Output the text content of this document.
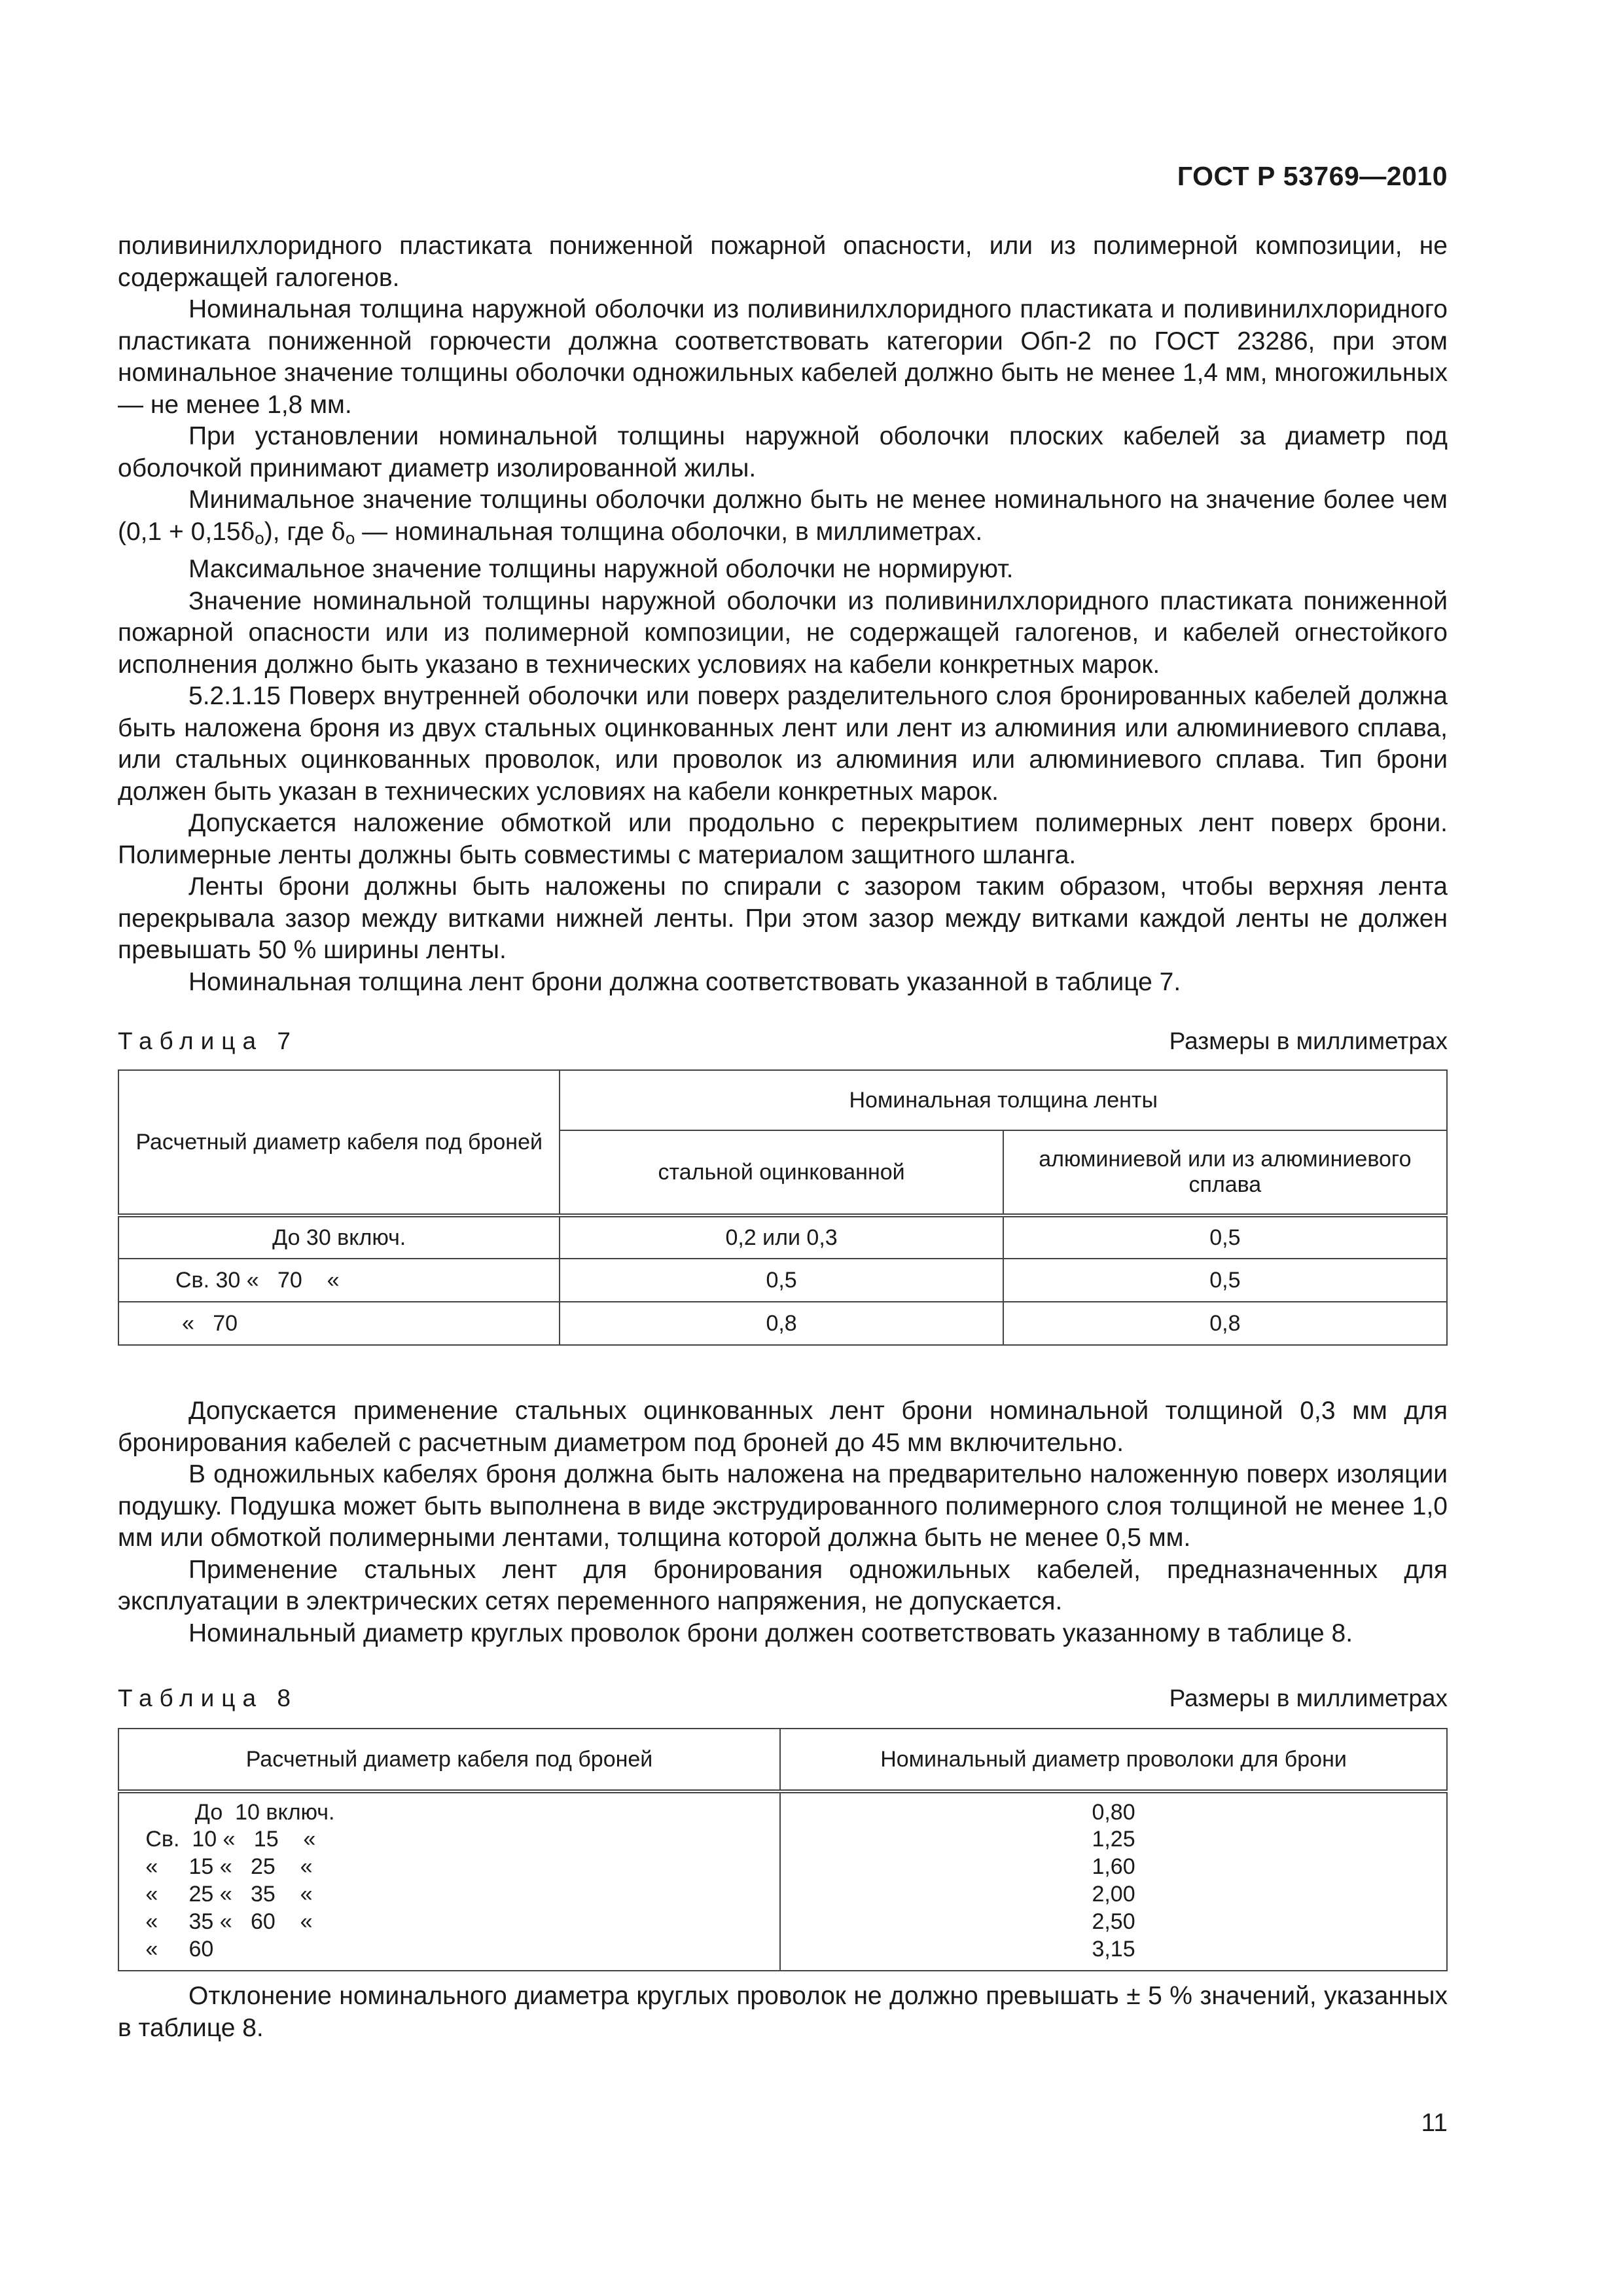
ГОСТ Р 53769—2010

поливинилхлоридного пластиката пониженной пожарной опасности, или из полимерной композиции, не содержащей галогенов.

Номинальная толщина наружной оболочки из поливинилхлоридного пластиката и поливинилхлоридного пластиката пониженной горючести должна соответствовать категории Обп-2 по ГОСТ 23286, при этом номинальное значение толщины оболочки одножильных кабелей должно быть не менее 1,4 мм, многожильных — не менее 1,8 мм.

При установлении номинальной толщины наружной оболочки плоских кабелей за диаметр под оболочкой принимают диаметр изолированной жилы.

Минимальное значение толщины оболочки должно быть не менее номинального на значение более чем $(0,1 + 0,15\delta_o)$, где $\delta_o$ — номинальная толщина оболочки, в миллиметрах.

Максимальное значение толщины наружной оболочки не нормируют.

Значение номинальной толщины наружной оболочки из поливинилхлоридного пластиката пониженной пожарной опасности или из полимерной композиции, не содержащей галогенов, и кабелей огнестойкого исполнения должно быть указано в технических условиях на кабели конкретных марок.

5.2.1.15 Поверх внутренней оболочки или поверх разделительного слоя бронированных кабелей должна быть наложена броня из двух стальных оцинкованных лент или лент из алюминия или алюминиевого сплава, или стальных оцинкованных проволок, или проволок из алюминия или алюминиевого сплава. Тип брони должен быть указан в технических условиях на кабели конкретных марок.

Допускается наложение обмоткой или продольно с перекрытием полимерных лент поверх брони. Полимерные ленты должны быть совместимы с материалом защитного шланга.

Ленты брони должны быть наложены по спирали с зазором таким образом, чтобы верхняя лента перекрывала зазор между витками нижней ленты. При этом зазор между витками каждой ленты не должен превышать 50 % ширины ленты.

Номинальная толщина лент брони должна соответствовать указанной в таблице 7.

Таблица 7	Размеры в миллиметрах
Расчетный диаметр кабеля под броней	Номинальная толщина ленты	
	стальной оцинкованной	алюминиевой или из алюминиевого сплава
До 30 включ.	0,2 или 0,3	0,5
Св. 30 «   70    «	0,5	0,5
«   70	0,8	0,8

Допускается применение стальных оцинкованных лент брони номинальной толщиной 0,3 мм для бронирования кабелей с расчетным диаметром под броней до 45 мм включительно.

В одножильных кабелях броня должна быть наложена на предварительно наложенную поверх изоляции подушку. Подушка может быть выполнена в виде экструдированного полимерного слоя толщиной не менее 1,0 мм или обмоткой полимерными лентами, толщина которой должна быть не менее 0,5 мм.

Применение стальных лент для бронирования одножильных кабелей, предназначенных для эксплуатации в электрических сетях переменного напряжения, не допускается.

Номинальный диаметр круглых проволок брони должен соответствовать указанному в таблице 8.

Таблица 8	Размеры в миллиметрах
Расчетный диаметр кабеля под броней	Номинальный диаметр проволоки для брони
До  10 включ.	0,80
Св.  10 «   15    «	1,25
«     15 «   25    «	1,60
«     25 «   35    «	2,00
«     35 «   60    «	2,50
«     60	3,15

Отклонение номинального диаметра круглых проволок не должно превышать ± 5 % значений, указанных в таблице 8.

11
